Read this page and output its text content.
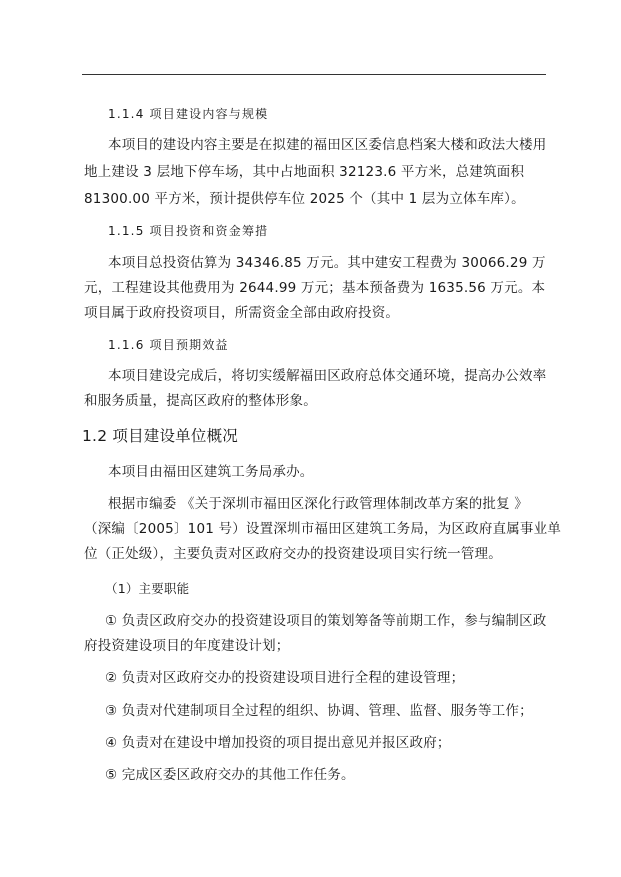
1.1.4 项目建设内容与规模
本项目的建设内容主要是在拟建的福田区区委信息档案大楼和政法大楼用
地上建设 3 层地下停车场，其中占地面积 32123.6 平方米，总建筑面积
81300.00 平方米，预计提供停车位 2025 个（其中 1 层为立体车库）。
1.1.5 项目投资和资金筹措
本项目总投资估算为 34346.85 万元。其中建安工程费为 30066.29 万
元，工程建设其他费用为 2644.99 万元；基本预备费为 1635.56 万元。本
项目属于政府投资项目，所需资金全部由政府投资。
1.1.6 项目预期效益
本项目建设完成后，将切实缓解福田区政府总体交通环境，提高办公效率
和服务质量，提高区政府的整体形象。
1.2 项目建设单位概况
本项目由福田区建筑工务局承办。
根据市编委 《关于深圳市福田区深化行政管理体制改革方案的批复 》
（深编〔2005〕101 号）设置深圳市福田区建筑工务局，为区政府直属事业单
位（正处级），主要负责对区政府交办的投资建设项目实行统一管理。
（1）主要职能
① 负责区政府交办的投资建设项目的策划筹备等前期工作，参与编制区政
府投资建设项目的年度建设计划；
② 负责对区政府交办的投资建设项目进行全程的建设管理；
③ 负责对代建制项目全过程的组织、协调、管理、监督、服务等工作；
④ 负责对在建设中增加投资的项目提出意见并报区政府；
⑤ 完成区委区政府交办的其他工作任务。
